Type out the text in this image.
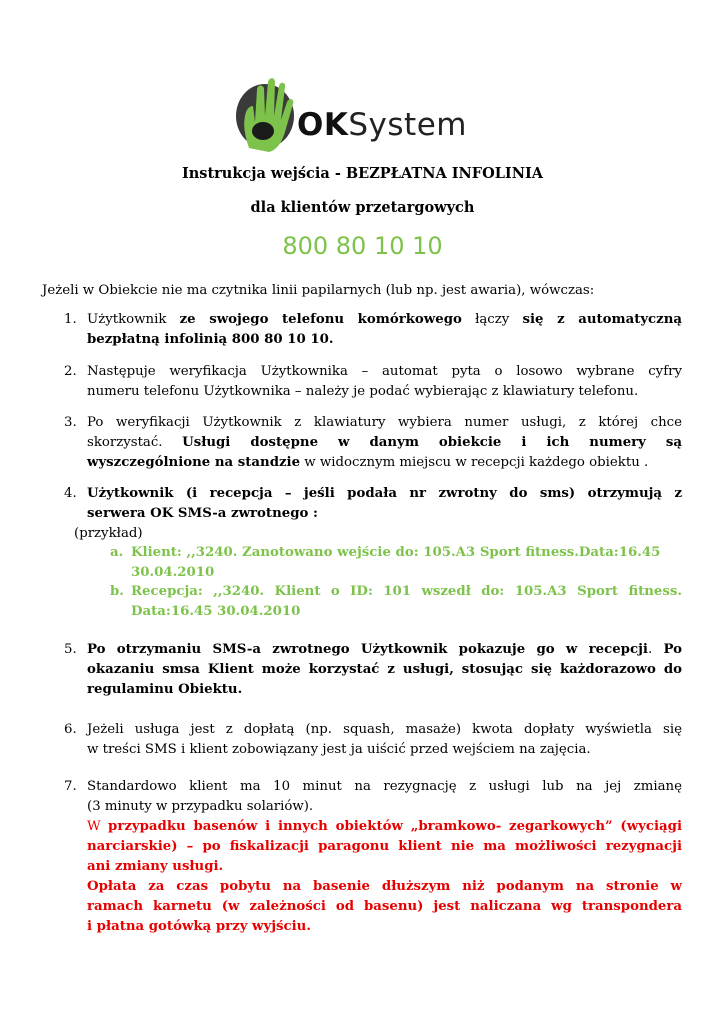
OKSystem
Instrukcja wejścia - BEZPŁATNA INFOLINIA
dla klientów przetargowych
800 80 10 10
Jeżeli w Obiekcie nie ma czytnika linii papilarnych (lub np. jest awaria), wówczas:
1. Użytkownik ze swojego telefonu komórkowego łączy się z automatyczną
bezpłatną infolinią 800 80 10 10.
2. Następuje weryfikacja Użytkownika – automat pyta o losowo wybrane cyfry
numeru telefonu Użytkownika – należy je podać wybierając z klawiatury telefonu.
3. Po weryfikacji Użytkownik z klawiatury wybiera numer usługi, z której chce
skorzystać. Usługi dostępne w danym obiekcie i ich numery są
wyszczególnione na standzie w widocznym miejscu w recepcji każdego obiektu .
4. Użytkownik (i recepcja – jeśli podała nr zwrotny do sms) otrzymują z
serwera OK SMS-a zwrotnego :
(przykład)
a. Klient: ,,3240. Zanotowano wejście do: 105.A3 Sport fitness.Data:16.45
30.04.2010
b. Recepcja: ,,3240. Klient o ID: 101 wszedł do: 105.A3 Sport fitness.
Data:16.45 30.04.2010
5. Po otrzymaniu SMS-a zwrotnego Użytkownik pokazuje go w recepcji. Po
okazaniu smsa Klient może korzystać z usługi, stosując się każdorazowo do
regulaminu Obiektu.
6. Jeżeli usługa jest z dopłatą (np. squash, masaże) kwota dopłaty wyświetla się
w treści SMS i klient zobowiązany jest ja uiścić przed wejściem na zajęcia.
7. Standardowo klient ma 10 minut na rezygnację z usługi lub na jej zmianę
(3 minuty w przypadku solariów).
W przypadku basenów i innych obiektów „bramkowo- zegarkowych” (wyciągi
narciarskie) – po fiskalizacji paragonu klient nie ma możliwości rezygnacji
ani zmiany usługi.
Opłata za czas pobytu na basenie dłuższym niż podanym na stronie w
ramach karnetu (w zależności od basenu) jest naliczana wg transpondera
i płatna gotówką przy wyjściu.
